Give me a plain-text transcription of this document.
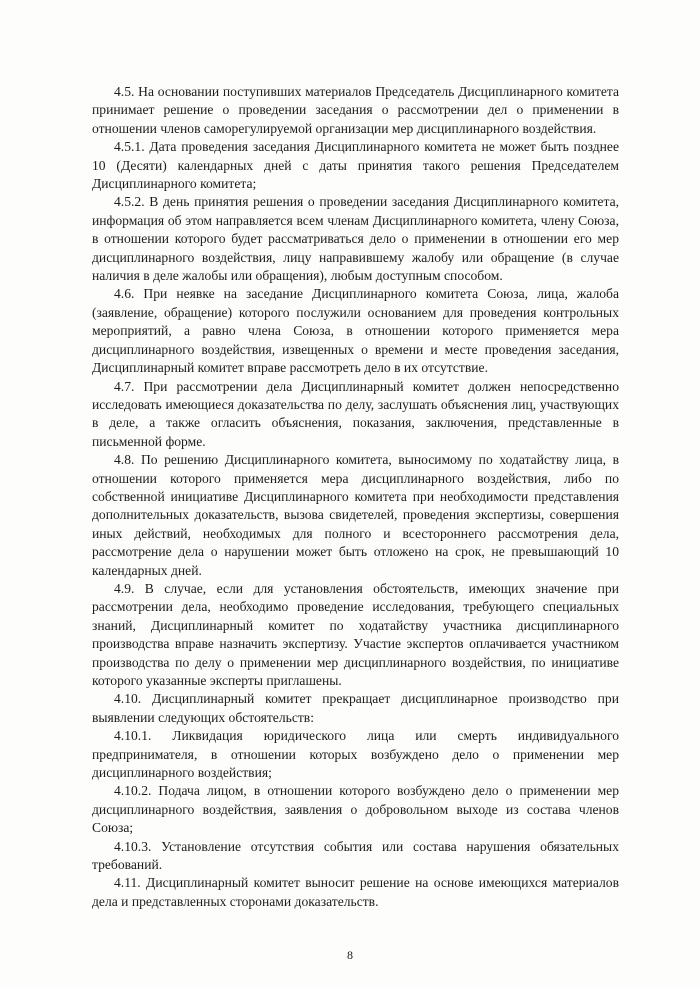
4.5. На основании поступивших материалов Председатель Дисциплинарного комитета принимает решение о проведении заседания о рассмотрении дел о применении в отношении членов саморегулируемой организации мер дисциплинарного воздействия.

4.5.1. Дата проведения заседания Дисциплинарного комитета не может быть позднее 10 (Десяти) календарных дней с даты принятия такого решения Председателем Дисциплинарного комитета;

4.5.2. В день принятия решения о проведении заседания Дисциплинарного комитета, информация об этом направляется всем членам Дисциплинарного комитета, члену Союза, в отношении которого будет рассматриваться дело о применении в отношении его мер дисциплинарного воздействия, лицу направившему жалобу или обращение (в случае наличия в деле жалобы или обращения), любым доступным способом.

4.6. При неявке на заседание Дисциплинарного комитета Союза, лица, жалоба (заявление, обращение) которого послужили основанием для проведения контрольных мероприятий, а равно члена Союза, в отношении которого применяется мера дисциплинарного воздействия, извещенных о времени и месте проведения заседания, Дисциплинарный комитет вправе рассмотреть дело в их отсутствие.

4.7. При рассмотрении дела Дисциплинарный комитет должен непосредственно исследовать имеющиеся доказательства по делу, заслушать объяснения лиц, участвующих в деле, а также огласить объяснения, показания, заключения, представленные в письменной форме.

4.8. По решению Дисциплинарного комитета, выносимому по ходатайству лица, в отношении которого применяется мера дисциплинарного воздействия, либо по собственной инициативе Дисциплинарного комитета при необходимости представления дополнительных доказательств, вызова свидетелей, проведения экспертизы, совершения иных действий, необходимых для полного и всестороннего рассмотрения дела, рассмотрение дела о нарушении может быть отложено на срок, не превышающий 10 календарных дней.

4.9. В случае, если для установления обстоятельств, имеющих значение при рассмотрении дела, необходимо проведение исследования, требующего специальных знаний, Дисциплинарный комитет по ходатайству участника дисциплинарного производства вправе назначить экспертизу. Участие экспертов оплачивается участником производства по делу о применении мер дисциплинарного воздействия, по инициативе которого указанные эксперты приглашены.

4.10. Дисциплинарный комитет прекращает дисциплинарное производство при выявлении следующих обстоятельств:

4.10.1. Ликвидация юридического лица или смерть индивидуального предпринимателя, в отношении которых возбуждено дело о применении мер дисциплинарного воздействия;

4.10.2. Подача лицом, в отношении которого возбуждено дело о применении мер дисциплинарного воздействия, заявления о добровольном выходе из состава членов Союза;

4.10.3. Установление отсутствия события или состава нарушения обязательных требований.

4.11. Дисциплинарный комитет выносит решение на основе имеющихся материалов дела и представленных сторонами доказательств.

8
